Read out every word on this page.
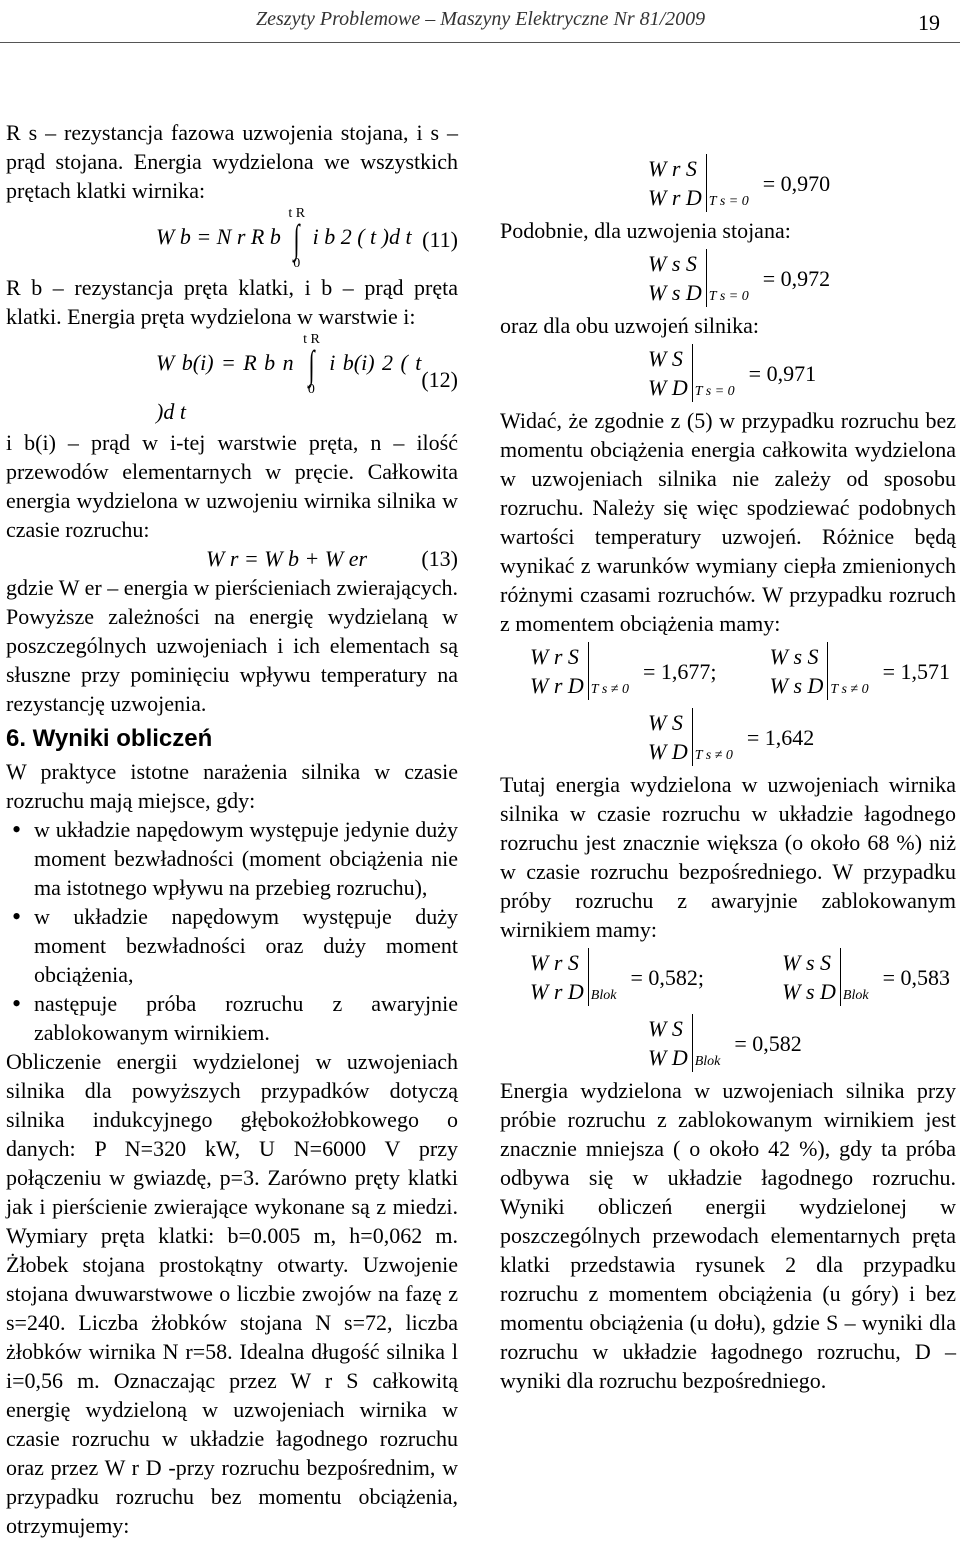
Zeszyty Problemowe – Maszyny Elektryczne Nr 81/2009	19

R s – rezystancja fazowa uzwojenia stojana, i s – prąd stojana. Energia wydzielona we wszystkich prętach klatki wirnika:

W b = N r R b
t R
∫
0
i b 2 ( t )d t (11)

R b – rezystancja pręta klatki, i b – prąd pręta klatki. Energia pręta wydzielona w warstwie i:

W b(i) = R b n
t R
∫
0
i b(i) 2 ( t )d t
(12)

i b(i) – prąd w i-tej warstwie pręta, n – ilość przewodów elementarnych w pręcie. Całkowita energia wydzielona w uzwojeniu wirnika silnika w czasie rozruchu:

W r = W b + W er (13)

gdzie W er – energia w pierścieniach zwierających. Powyższe zależności na energię wydzielaną w poszczególnych uzwojeniach i ich elementach są słuszne przy pominięciu wpływu temperatury na rezystancję uzwojenia.

6. Wyniki obliczeń

W praktyce istotne narażenia silnika w czasie rozruchu mają miejsce, gdy:

• w układzie napędowym występuje jedynie duży moment bezwładności (moment obciążenia nie ma istotnego wpływu na przebieg rozruchu),
• w układzie napędowym występuje duży moment bezwładności oraz duży moment obciążenia,
• następuje próba rozruchu z awaryjnie zablokowanym wirnikiem.

Obliczenie energii wydzielonej w uzwojeniach silnika dla powyższych przypadków dotyczą silnika indukcyjnego głębokożłobkowego o danych: P N=320 kW, U N=6000 V przy połączeniu w gwiazdę, p=3. Zarówno pręty klatki jak i pierścienie zwierające wykonane są z miedzi. Wymiary pręta klatki: b=0.005 m, h=0,062 m. Żłobek stojana prostokątny otwarty. Uzwojenie stojana dwuwarstwowe o liczbie zwojów na fazę z s=240. Liczba żłobków stojana N s=72, liczba żłobków wirnika N r=58. Idealna długość silnika l i=0,56 m. Oznaczając przez W r S całkowitą energię wydzieloną w uzwojeniach wirnika w czasie rozruchu w układzie łagodnego rozruchu oraz przez W r D -przy rozruchu bezpośrednim, w przypadku rozruchu bez momentu obciążenia, otrzymujemy:

W r S
W r D T s = 0
= 0,970

Podobnie, dla uzwojenia stojana:

W s S
W s D T s = 0
= 0,972

oraz dla obu uzwojeń silnika:

W S
W D T s = 0
= 0,971

Widać, że zgodnie z (5) w przypadku rozruchu bez momentu obciążenia energia całkowita wydzielona w uzwojeniach silnika nie zależy od sposobu rozruchu. Należy się więc spodziewać podobnych wartości temperatury uzwojeń. Różnice będą wynikać z warunków wymiany ciepła zmienionych różnymi czasami rozruchów. W przypadku rozruch z momentem obciążenia mamy:

W r S
W r D T s ≠ 0
= 1,677;
W s S
W s D T s ≠ 0
= 1,571
W S
W D T s ≠ 0
= 1,642

Tutaj energia wydzielona w uzwojeniach wirnika silnika w czasie rozruchu w układzie łagodnego rozruchu jest znacznie większa (o około 68 %) niż w czasie rozruchu bezpośredniego. W przypadku próby rozruchu z awaryjnie zablokowanym wirnikiem mamy:

W r S
W r D Blok
= 0,582;
W s S
W s D Blok
= 0,583
W S
W D Blok
= 0,582

Energia wydzielona w uzwojeniach silnika przy próbie rozruchu z zablokowanym wirnikiem jest znacznie mniejsza ( o około 42 %), gdy ta próba odbywa się w układzie łagodnego rozruchu. Wyniki obliczeń energii wydzielonej w poszczególnych przewodach elementarnych pręta klatki przedstawia rysunek 2 dla przypadku rozruchu z momentem obciążenia (u góry) i bez momentu obciążenia (u dołu), gdzie S – wyniki dla rozruchu w układzie łagodnego rozruchu, D – wyniki dla rozruchu bezpośredniego.
